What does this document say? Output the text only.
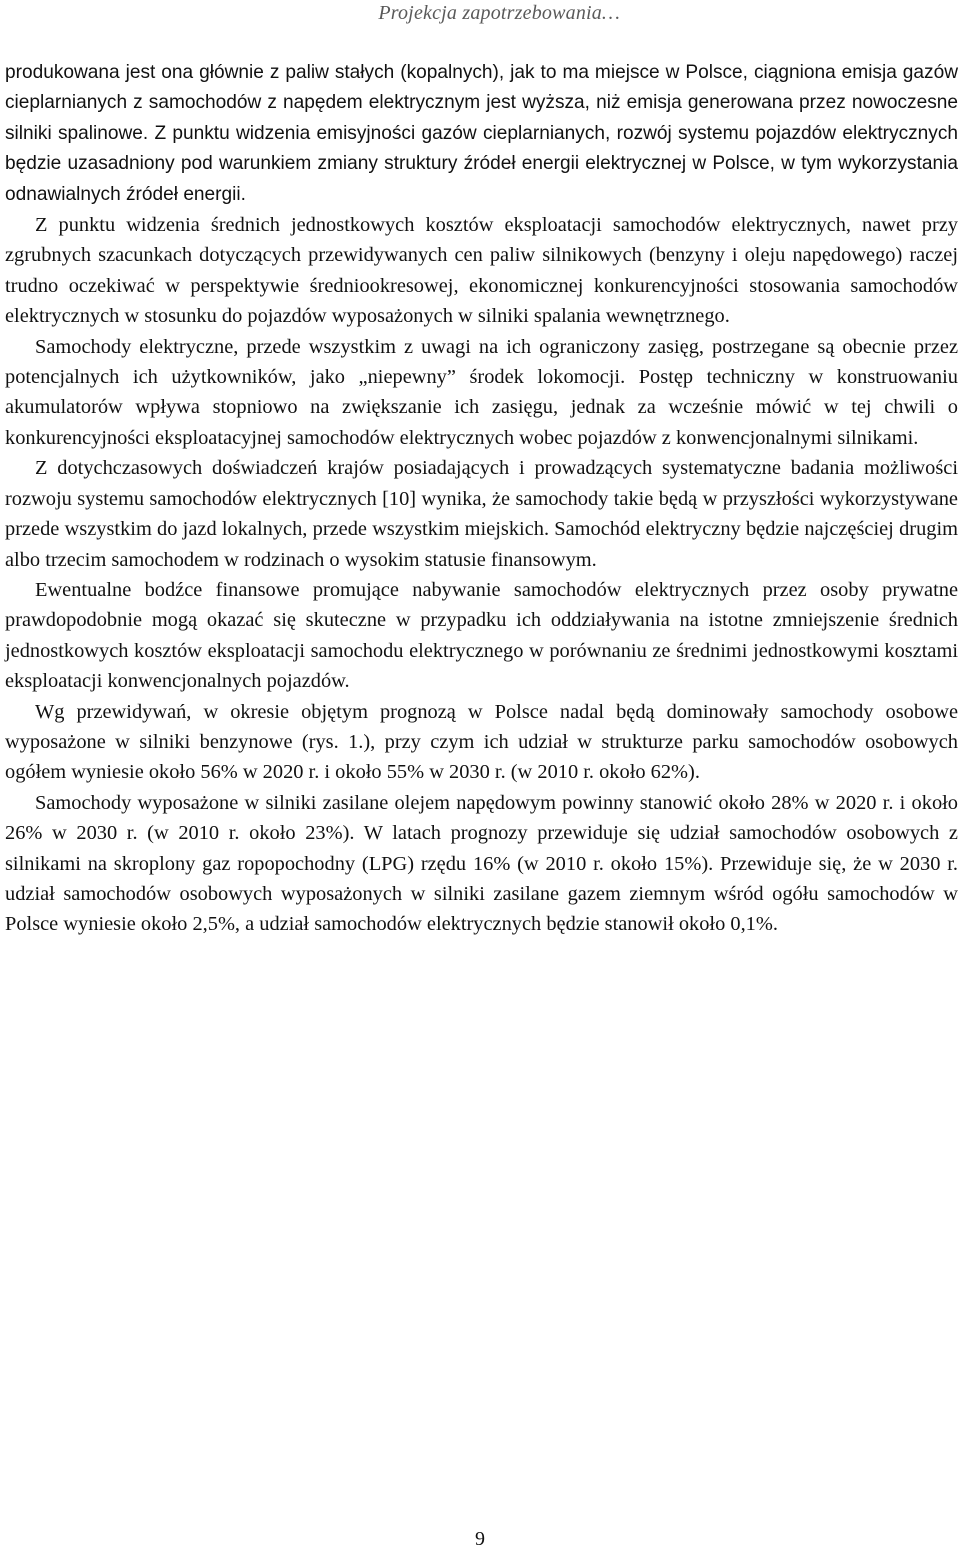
Projekcja zapotrzebowania…

produkowana jest ona głównie z paliw stałych (kopalnych), jak to ma miejsce w Polsce, ciągniona emisja gazów cieplarnianych z samochodów z napędem elektrycznym jest wyższa, niż emisja generowana przez nowoczesne silniki spalinowe. Z punktu widzenia emisyjności gazów cieplarnianych, rozwój systemu pojazdów elektrycznych będzie uzasadniony pod warunkiem zmiany struktury źródeł energii elektrycznej w Polsce, w tym wykorzystania odnawialnych źródeł energii.

Z punktu widzenia średnich jednostkowych kosztów eksploatacji samochodów elektrycznych, nawet przy zgrubnych szacunkach dotyczących przewidywanych cen paliw silnikowych (benzyny i oleju napędowego) raczej trudno oczekiwać w perspektywie średniookresowej, ekonomicznej konkurencyjności stosowania samochodów elektrycznych w stosunku do pojazdów wyposażonych w silniki spalania wewnętrznego.

Samochody elektryczne, przede wszystkim z uwagi na ich ograniczony zasięg, postrzegane są obecnie przez potencjalnych ich użytkowników, jako „niepewny” środek lokomocji. Postęp techniczny w konstruowaniu akumulatorów wpływa stopniowo na zwiększanie ich zasięgu, jednak za wcześnie mówić w tej chwili o konkurencyjności eksploatacyjnej samochodów elektrycznych wobec pojazdów z konwencjonalnymi silnikami.

Z dotychczasowych doświadczeń krajów posiadających i prowadzących systematyczne badania możliwości rozwoju systemu samochodów elektrycznych [10] wynika, że samochody takie będą w przyszłości wykorzystywane przede wszystkim do jazd lokalnych, przede wszystkim miejskich. Samochód elektryczny będzie najczęściej drugim albo trzecim samochodem w rodzinach o wysokim statusie finansowym.

Ewentualne bodźce finansowe promujące nabywanie samochodów elektrycznych przez osoby prywatne prawdopodobnie mogą okazać się skuteczne w przypadku ich oddziaływania na istotne zmniejszenie średnich jednostkowych kosztów eksploatacji samochodu elektrycznego w porównaniu ze średnimi jednostkowymi kosztami eksploatacji konwencjonalnych pojazdów.

Wg przewidywań, w okresie objętym prognozą w Polsce nadal będą dominowały samochody osobowe wyposażone w silniki benzynowe (rys. 1.), przy czym ich udział w strukturze parku samochodów osobowych ogółem wyniesie około 56% w 2020 r. i około 55% w 2030 r. (w 2010 r. około 62%).

Samochody wyposażone w silniki zasilane olejem napędowym powinny stanowić około 28% w 2020 r. i około 26% w 2030 r. (w 2010 r. około 23%). W latach prognozy przewiduje się udział samochodów osobowych z silnikami na skroplony gaz ropopochodny (LPG) rzędu 16% (w 2010 r. około 15%). Przewiduje się, że w 2030 r. udział samochodów osobowych wyposażonych w silniki zasilane gazem ziemnym wśród ogółu samochodów w Polsce wyniesie około 2,5%, a udział samochodów elektrycznych będzie stanowił około 0,1%.

9
